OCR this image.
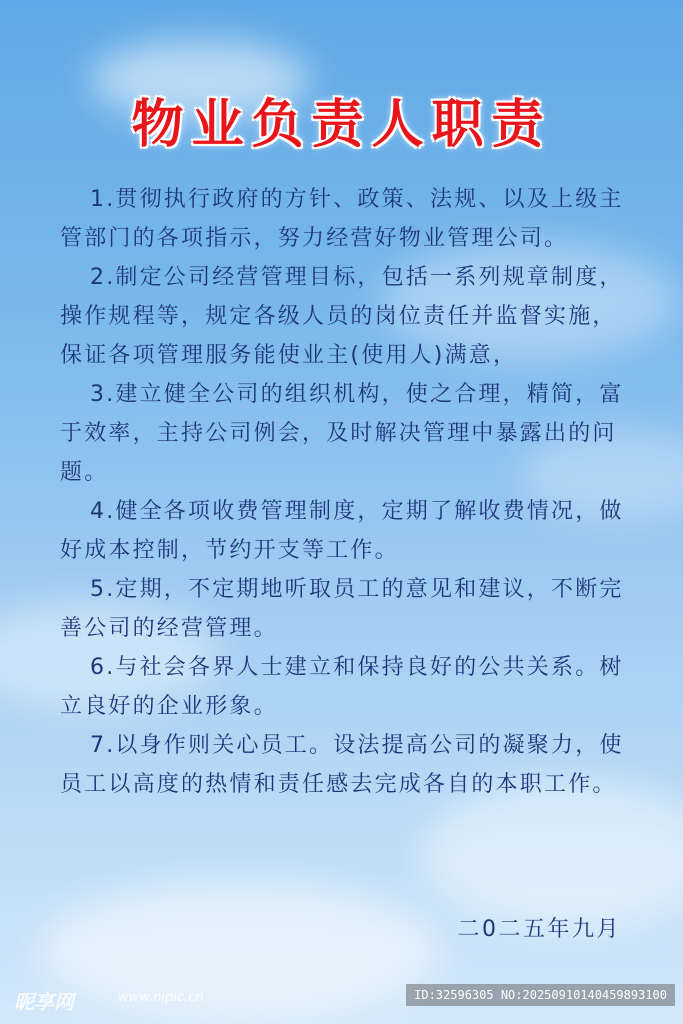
物业负责人职责

1.贯彻执行政府的方针、政策、法规、以及上级主管部门的各项指示，努力经营好物业管理公司。

2.制定公司经营管理目标，包括一系列规章制度，操作规程等，规定各级人员的岗位责任并监督实施，保证各项管理服务能使业主(使用人)满意，

3.建立健全公司的组织机构，使之合理，精简，富于效率，主持公司例会，及时解决管理中暴露出的问题。

4.健全各项收费管理制度，定期了解收费情况，做好成本控制，节约开支等工作。

5.定期，不定期地听取员工的意见和建议，不断完善公司的经营管理。

6.与社会各界人士建立和保持良好的公共关系。树立良好的企业形象。

7.以身作则关心员工。设法提高公司的凝聚力，使员工以高度的热情和责任感去完成各自的本职工作。

二0二五年九月
昵享网	www.nipic.cn	ID:32596305 NO:20250910140459893100
